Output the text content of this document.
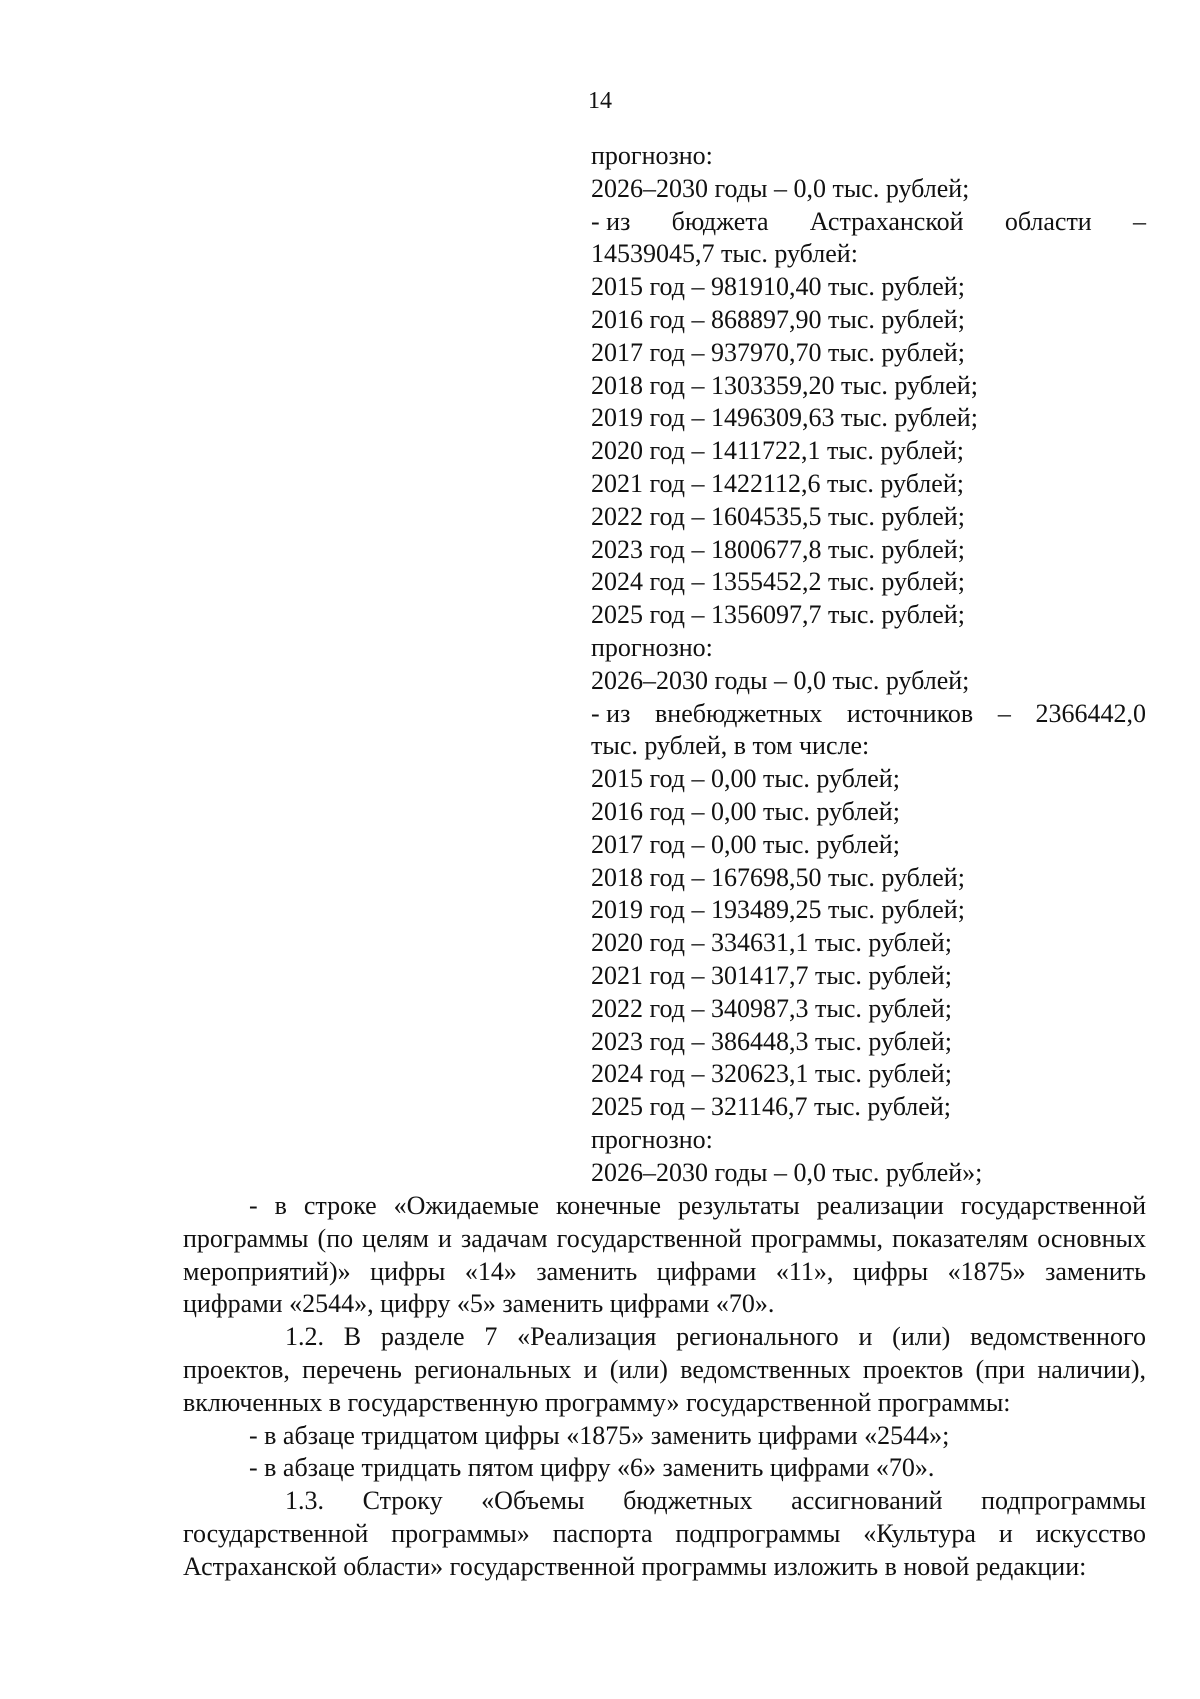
14
прогнозно:
2026–2030 годы – 0,0 тыс. рублей;
- из бюджета Астраханской области –
14539045,7 тыс. рублей:
2015 год – 981910,40 тыс. рублей;
2016 год – 868897,90 тыс. рублей;
2017 год – 937970,70 тыс. рублей;
2018 год – 1303359,20 тыс. рублей;
2019 год – 1496309,63 тыс. рублей;
2020 год – 1411722,1 тыс. рублей;
2021 год – 1422112,6 тыс. рублей;
2022 год – 1604535,5 тыс. рублей;
2023 год – 1800677,8 тыс. рублей;
2024 год – 1355452,2 тыс. рублей;
2025 год – 1356097,7 тыс. рублей;
прогнозно:
2026–2030 годы – 0,0 тыс. рублей;
- из внебюджетных источников – 2366442,0
тыс. рублей, в том числе:
2015 год – 0,00 тыс. рублей;
2016 год – 0,00 тыс. рублей;
2017 год – 0,00 тыс. рублей;
2018 год – 167698,50 тыс. рублей;
2019 год – 193489,25 тыс. рублей;
2020 год – 334631,1 тыс. рублей;
2021 год – 301417,7 тыс. рублей;
2022 год – 340987,3 тыс. рублей;
2023 год – 386448,3 тыс. рублей;
2024 год – 320623,1 тыс. рублей;
2025 год – 321146,7 тыс. рублей;
прогнозно:
2026–2030 годы – 0,0 тыс. рублей»;

- в строке «Ожидаемые конечные результаты реализации государственной программы (по целям и задачам государственной программы, показателям основных мероприятий)» цифры «14» заменить цифрами «11», цифры «1875» заменить цифрами «2544», цифру «5» заменить цифрами «70».

1.2. В разделе 7 «Реализация регионального и (или) ведомственного проектов, перечень региональных и (или) ведомственных проектов (при наличии), включенных в государственную программу» государственной программы:

- в абзаце тридцатом цифры «1875» заменить цифрами «2544»;

- в абзаце тридцать пятом цифру «6» заменить цифрами «70».

1.3. Строку «Объемы бюджетных ассигнований подпрограммы государственной программы» паспорта подпрограммы «Культура и искусство Астраханской области» государственной программы изложить в новой редакции:
